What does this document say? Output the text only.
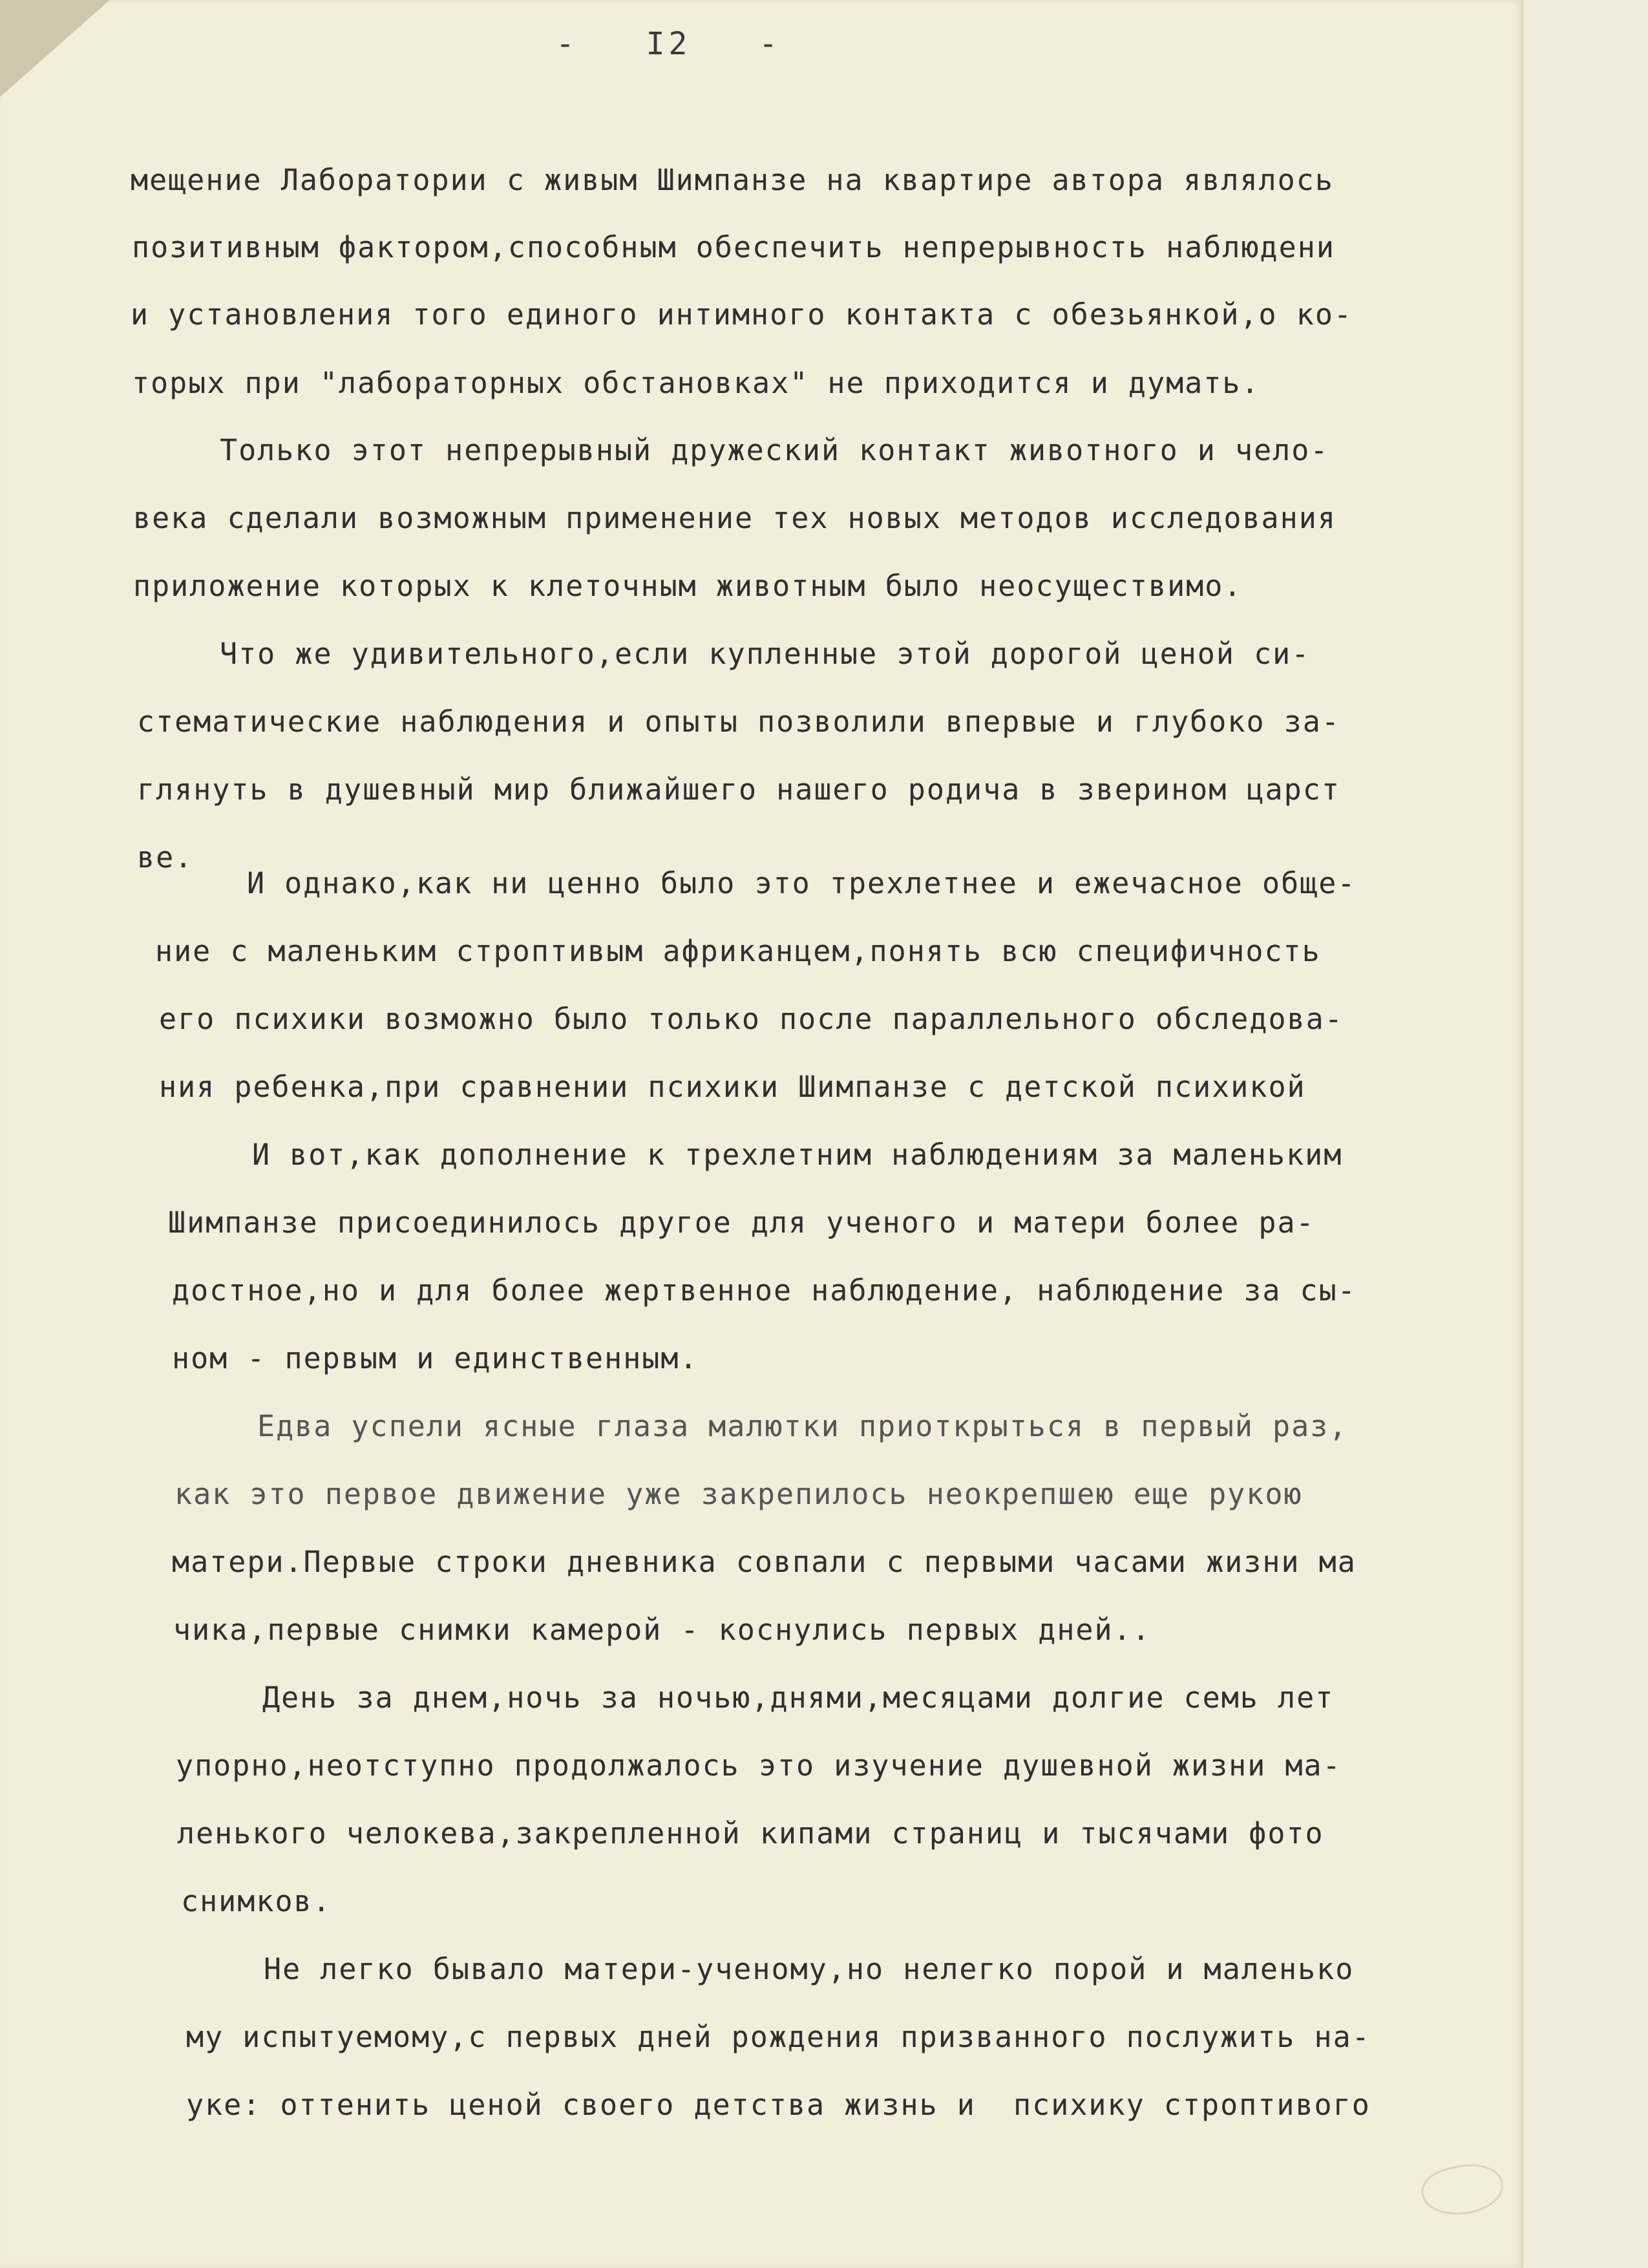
-   I2   -
мещение Лаборатории с живым Шимпанзе на квартире автора являлось
позитивным фактором,способным обеспечить непрерывность наблюдени
и установления того единого интимного контакта с обезьянкой,о ко-
торых при "лабораторных обстановках" не приходится и думать.
Только этот непрерывный дружеский контакт животного и чело-
века сделали возможным применение тех новых методов исследования
приложение которых к клеточным животным было неосуществимо.
Что же удивительного,если купленные этой дорогой ценой си-
стематические наблюдения и опыты позволили впервые и глубоко за-
глянуть в душевный мир ближайшего нашего родича в зверином царст
ве.
И однако,как ни ценно было это трехлетнее и ежечасное обще-
ние с маленьким строптивым африканцем,понять всю специфичность
его психики возможно было только после параллельного обследова-
ния ребенка,при сравнении психики Шимпанзе с детской психикой
И вот,как дополнение к трехлетним наблюдениям за маленьким
Шимпанзе присоединилось другое для ученого и матери более ра-
достное,но и для более жертвенное наблюдение, наблюдение за сы-
ном - первым и единственным.
Едва успели ясные глаза малютки приоткрыться в первый раз,
как это первое движение уже закрепилось неокрепшею еще рукою
матери.Первые строки дневника совпали с первыми часами жизни ма
чика,первые снимки камерой - коснулись первых дней..
День за днем,ночь за ночью,днями,месяцами долгие семь лет
упорно,неотступно продолжалось это изучение душевной жизни ма-
ленького челокева,закрепленной кипами страниц и тысячами фото
снимков.
Не легко бывало матери-ученому,но нелегко порой и маленько
му испытуемому,с первых дней рождения призванного послужить на-
уке: оттенить ценой своего детства жизнь и  психику строптивого
